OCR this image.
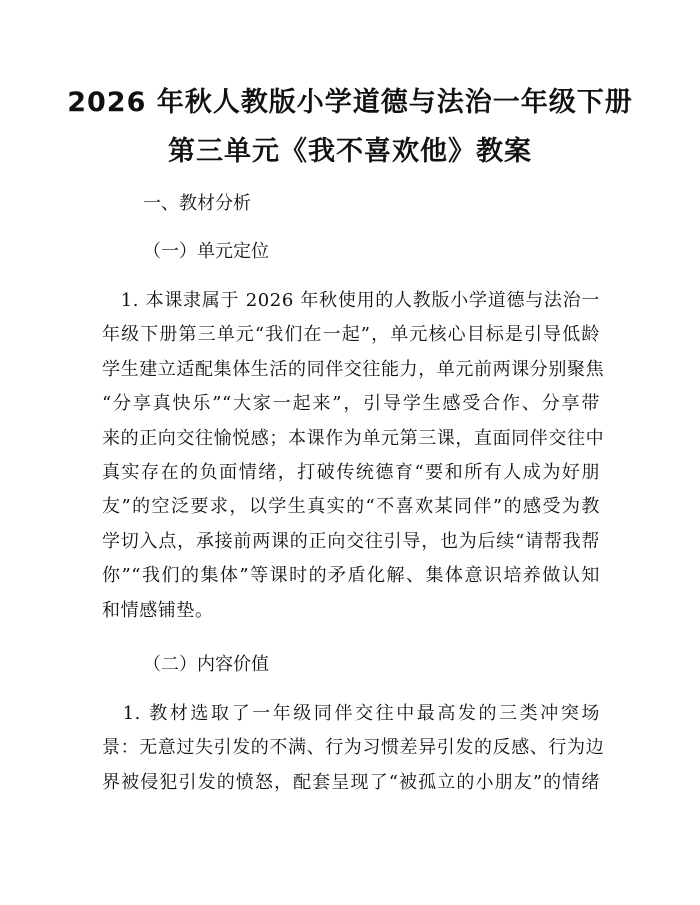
2026 年秋人教版小学道德与法治一年级下册
第三单元《我不喜欢他》教案
一、教材分析
（一）单元定位
　1. 本课隶属于 2026 年秋使用的人教版小学道德与法治一
年级下册第三单元“我们在一起”，单元核心目标是引导低龄
学生建立适配集体生活的同伴交往能力，单元前两课分别聚焦
“分享真快乐”“大家一起来”，引导学生感受合作、分享带
来的正向交往愉悦感；本课作为单元第三课，直面同伴交往中
真实存在的负面情绪，打破传统德育“要和所有人成为好朋
友”的空泛要求，以学生真实的“不喜欢某同伴”的感受为教
学切入点，承接前两课的正向交往引导，也为后续“请帮我帮
你”“我们的集体”等课时的矛盾化解、集体意识培养做认知
和情感铺垫。
（二）内容价值
　1. 教材选取了一年级同伴交往中最高发的三类冲突场
景：无意过失引发的不满、行为习惯差异引发的反感、行为边
界被侵犯引发的愤怒，配套呈现了“被孤立的小朋友”的情绪
